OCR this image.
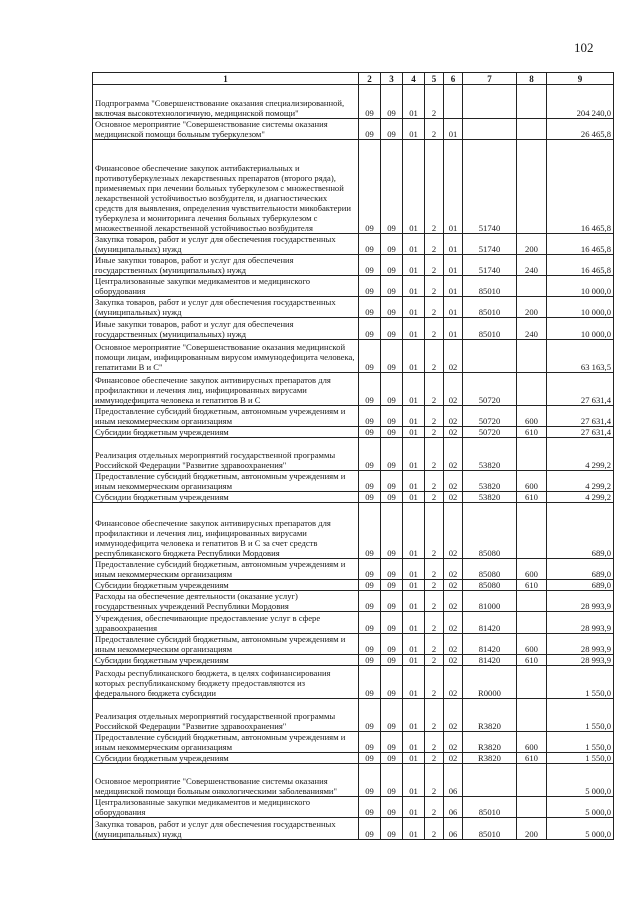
102
1	2	3	4	5	6	7	8	9
Подпрограмма "Совершенствование оказания специализированной, включая высокотехнологичную, медицинской помощи"	09	09	01	2				204 240,0
Основное мероприятие "Совершенствование системы оказания медицинской помощи больным туберкулезом"	09	09	01	2	01			26 465,8
Финансовое обеспечение закупок антибактериальных и противотуберкулезных лекарственных препаратов (второго ряда), применяемых при лечении больных туберкулезом с множественной лекарственной устойчивостью возбудителя, и диагностических средств для выявления, определения чувствительности микобактерии туберкулеза и мониторинга лечения больных туберкулезом с множественной лекарственной устойчивостью возбудителя	09	09	01	2	01	51740		16 465,8
Закупка товаров, работ и услуг для обеспечения государственных (муниципальных) нужд	09	09	01	2	01	51740	200	16 465,8
Иные закупки товаров, работ и услуг для обеспечения государственных (муниципальных) нужд	09	09	01	2	01	51740	240	16 465,8
Централизованные закупки медикаментов и медицинского оборудования	09	09	01	2	01	85010		10 000,0
Закупка товаров, работ и услуг для обеспечения государственных (муниципальных) нужд	09	09	01	2	01	85010	200	10 000,0
Иные закупки товаров, работ и услуг для обеспечения государственных (муниципальных) нужд	09	09	01	2	01	85010	240	10 000,0
Основное мероприятие "Совершенствование оказания медицинской помощи лицам, инфицированным вирусом иммунодефицита человека, гепатитами В и С"	09	09	01	2	02			63 163,5
Финансовое обеспечение закупок антивирусных препаратов для профилактики и лечения лиц, инфицированных вирусами иммунодефицита человека и гепатитов В и С	09	09	01	2	02	50720		27 631,4
Предоставление субсидий бюджетным, автономным учреждениям и иным некоммерческим организациям	09	09	01	2	02	50720	600	27 631,4
Субсидии бюджетным учреждениям	09	09	01	2	02	50720	610	27 631,4
Реализация отдельных мероприятий государственной программы Российской Федерации "Развитие здравоохранения"	09	09	01	2	02	53820		4 299,2
Предоставление субсидий бюджетным, автономным учреждениям и иным некоммерческим организациям	09	09	01	2	02	53820	600	4 299,2
Субсидии бюджетным учреждениям	09	09	01	2	02	53820	610	4 299,2
Финансовое обеспечение закупок антивирусных препаратов для профилактики и лечения лиц, инфицированных вирусами иммунодефицита человека и гепатитов В и С за счет средств республиканского бюджета Республики Мордовия	09	09	01	2	02	85080		689,0
Предоставление субсидий бюджетным, автономным учреждениям и иным некоммерческим организациям	09	09	01	2	02	85080	600	689,0
Субсидии бюджетным учреждениям	09	09	01	2	02	85080	610	689,0
Расходы на обеспечение деятельности (оказание услуг) государственных учреждений Республики Мордовия	09	09	01	2	02	81000		28 993,9
Учреждения, обеспечивающие предоставление услуг в сфере здравоохранения	09	09	01	2	02	81420		28 993,9
Предоставление субсидий бюджетным, автономным учреждениям и иным некоммерческим организациям	09	09	01	2	02	81420	600	28 993,9
Субсидии бюджетным учреждениям	09	09	01	2	02	81420	610	28 993,9
Расходы республиканского бюджета, в целях софинансирования которых республиканскому бюджету предоставляются из федерального бюджета субсидии	09	09	01	2	02	R0000		1 550,0
Реализация отдельных мероприятий государственной программы Российской Федерации "Развитие здравоохранения"	09	09	01	2	02	R3820		1 550,0
Предоставление субсидий бюджетным, автономным учреждениям и иным некоммерческим организациям	09	09	01	2	02	R3820	600	1 550,0
Субсидии бюджетным учреждениям	09	09	01	2	02	R3820	610	1 550,0
Основное мероприятие "Совершенствование системы оказания медицинской помощи больным онкологическими заболеваниями"	09	09	01	2	06			5 000,0
Централизованные закупки медикаментов и медицинского оборудования	09	09	01	2	06	85010		5 000,0
Закупка товаров, работ и услуг для обеспечения государственных (муниципальных) нужд	09	09	01	2	06	85010	200	5 000,0
